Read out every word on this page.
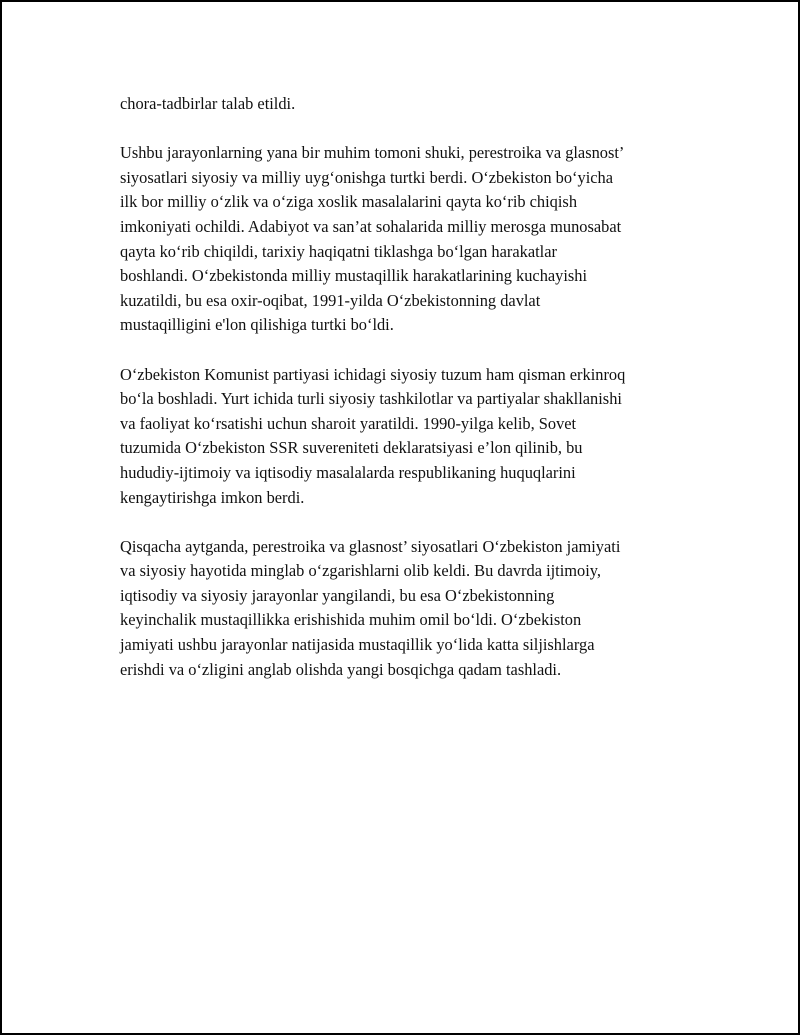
chora-tadbirlar talab etildi.

Ushbu jarayonlarning yana bir muhim tomoni shuki, perestroika va glasnost’
siyosatlari siyosiy va milliy uygʻonishga turtki berdi. Oʻzbekiston boʻyicha
ilk bor milliy oʻzlik va oʻziga xoslik masalalarini qayta koʻrib chiqish
imkoniyati ochildi. Adabiyot va san’at sohalarida milliy merosga munosabat
qayta koʻrib chiqildi, tarixiy haqiqatni tiklashga boʻlgan harakatlar
boshlandi. Oʻzbekistonda milliy mustaqillik harakatlarining kuchayishi
kuzatildi, bu esa oxir-oqibat, 1991-yilda Oʻzbekistonning davlat
mustaqilligini e'lon qilishiga turtki boʻldi.

Oʻzbekiston Komunist partiyasi ichidagi siyosiy tuzum ham qisman erkinroq
boʻla boshladi. Yurt ichida turli siyosiy tashkilotlar va partiyalar shakllanishi
va faoliyat koʻrsatishi uchun sharoit yaratildi. 1990-yilga kelib, Sovet
tuzumida Oʻzbekiston SSR suvereniteti deklaratsiyasi e’lon qilinib, bu
hududiy-ijtimoiy va iqtisodiy masalalarda respublikaning huquqlarini
kengaytirishga imkon berdi.

Qisqacha aytganda, perestroika va glasnost’ siyosatlari Oʻzbekiston jamiyati
va siyosiy hayotida minglab oʻzgarishlarni olib keldi. Bu davrda ijtimoiy,
iqtisodiy va siyosiy jarayonlar yangilandi, bu esa Oʻzbekistonning
keyinchalik mustaqillikka erishishida muhim omil boʻldi. Oʻzbekiston
jamiyati ushbu jarayonlar natijasida mustaqillik yoʻlida katta siljishlarga
erishdi va oʻzligini anglab olishda yangi bosqichga qadam tashladi.
